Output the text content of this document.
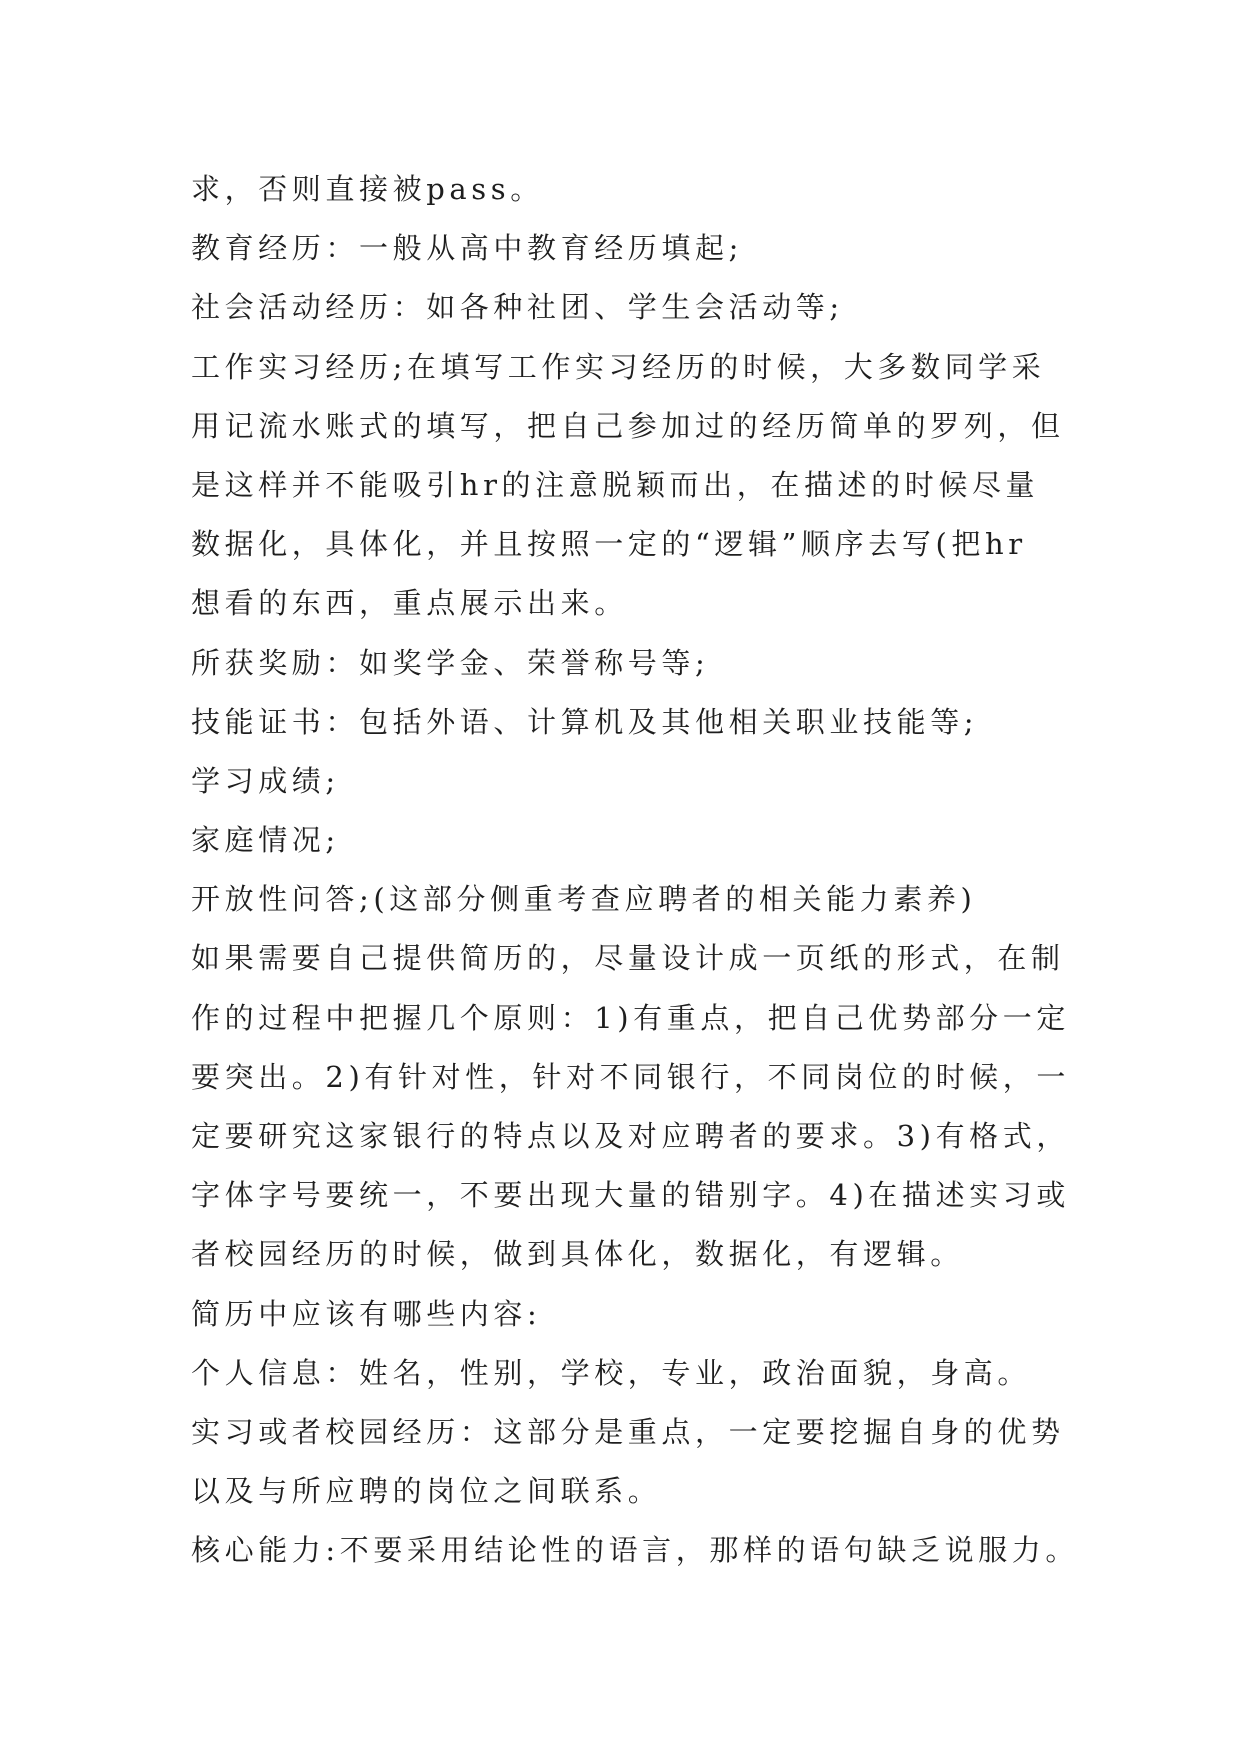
求，否则直接被pass。
教育经历：一般从高中教育经历填起;
社会活动经历：如各种社团、学生会活动等;
工作实习经历;在填写工作实习经历的时候，大多数同学采
用记流水账式的填写，把自己参加过的经历简单的罗列，但
是这样并不能吸引hr的注意脱颖而出，在描述的时候尽量
数据化，具体化，并且按照一定的“逻辑”顺序去写(把hr
想看的东西，重点展示出来。
所获奖励：如奖学金、荣誉称号等;
技能证书：包括外语、计算机及其他相关职业技能等;
学习成绩;
家庭情况;
开放性问答;(这部分侧重考查应聘者的相关能力素养)
如果需要自己提供简历的，尽量设计成一页纸的形式，在制
作的过程中把握几个原则：1)有重点，把自己优势部分一定
要突出。2)有针对性，针对不同银行，不同岗位的时候，一
定要研究这家银行的特点以及对应聘者的要求。3)有格式，
字体字号要统一，不要出现大量的错别字。4)在描述实习或
者校园经历的时候，做到具体化，数据化，有逻辑。
简历中应该有哪些内容:
个人信息：姓名，性别，学校，专业，政治面貌，身高。
实习或者校园经历：这部分是重点，一定要挖掘自身的优势
以及与所应聘的岗位之间联系。
核心能力:不要采用结论性的语言，那样的语句缺乏说服力。
